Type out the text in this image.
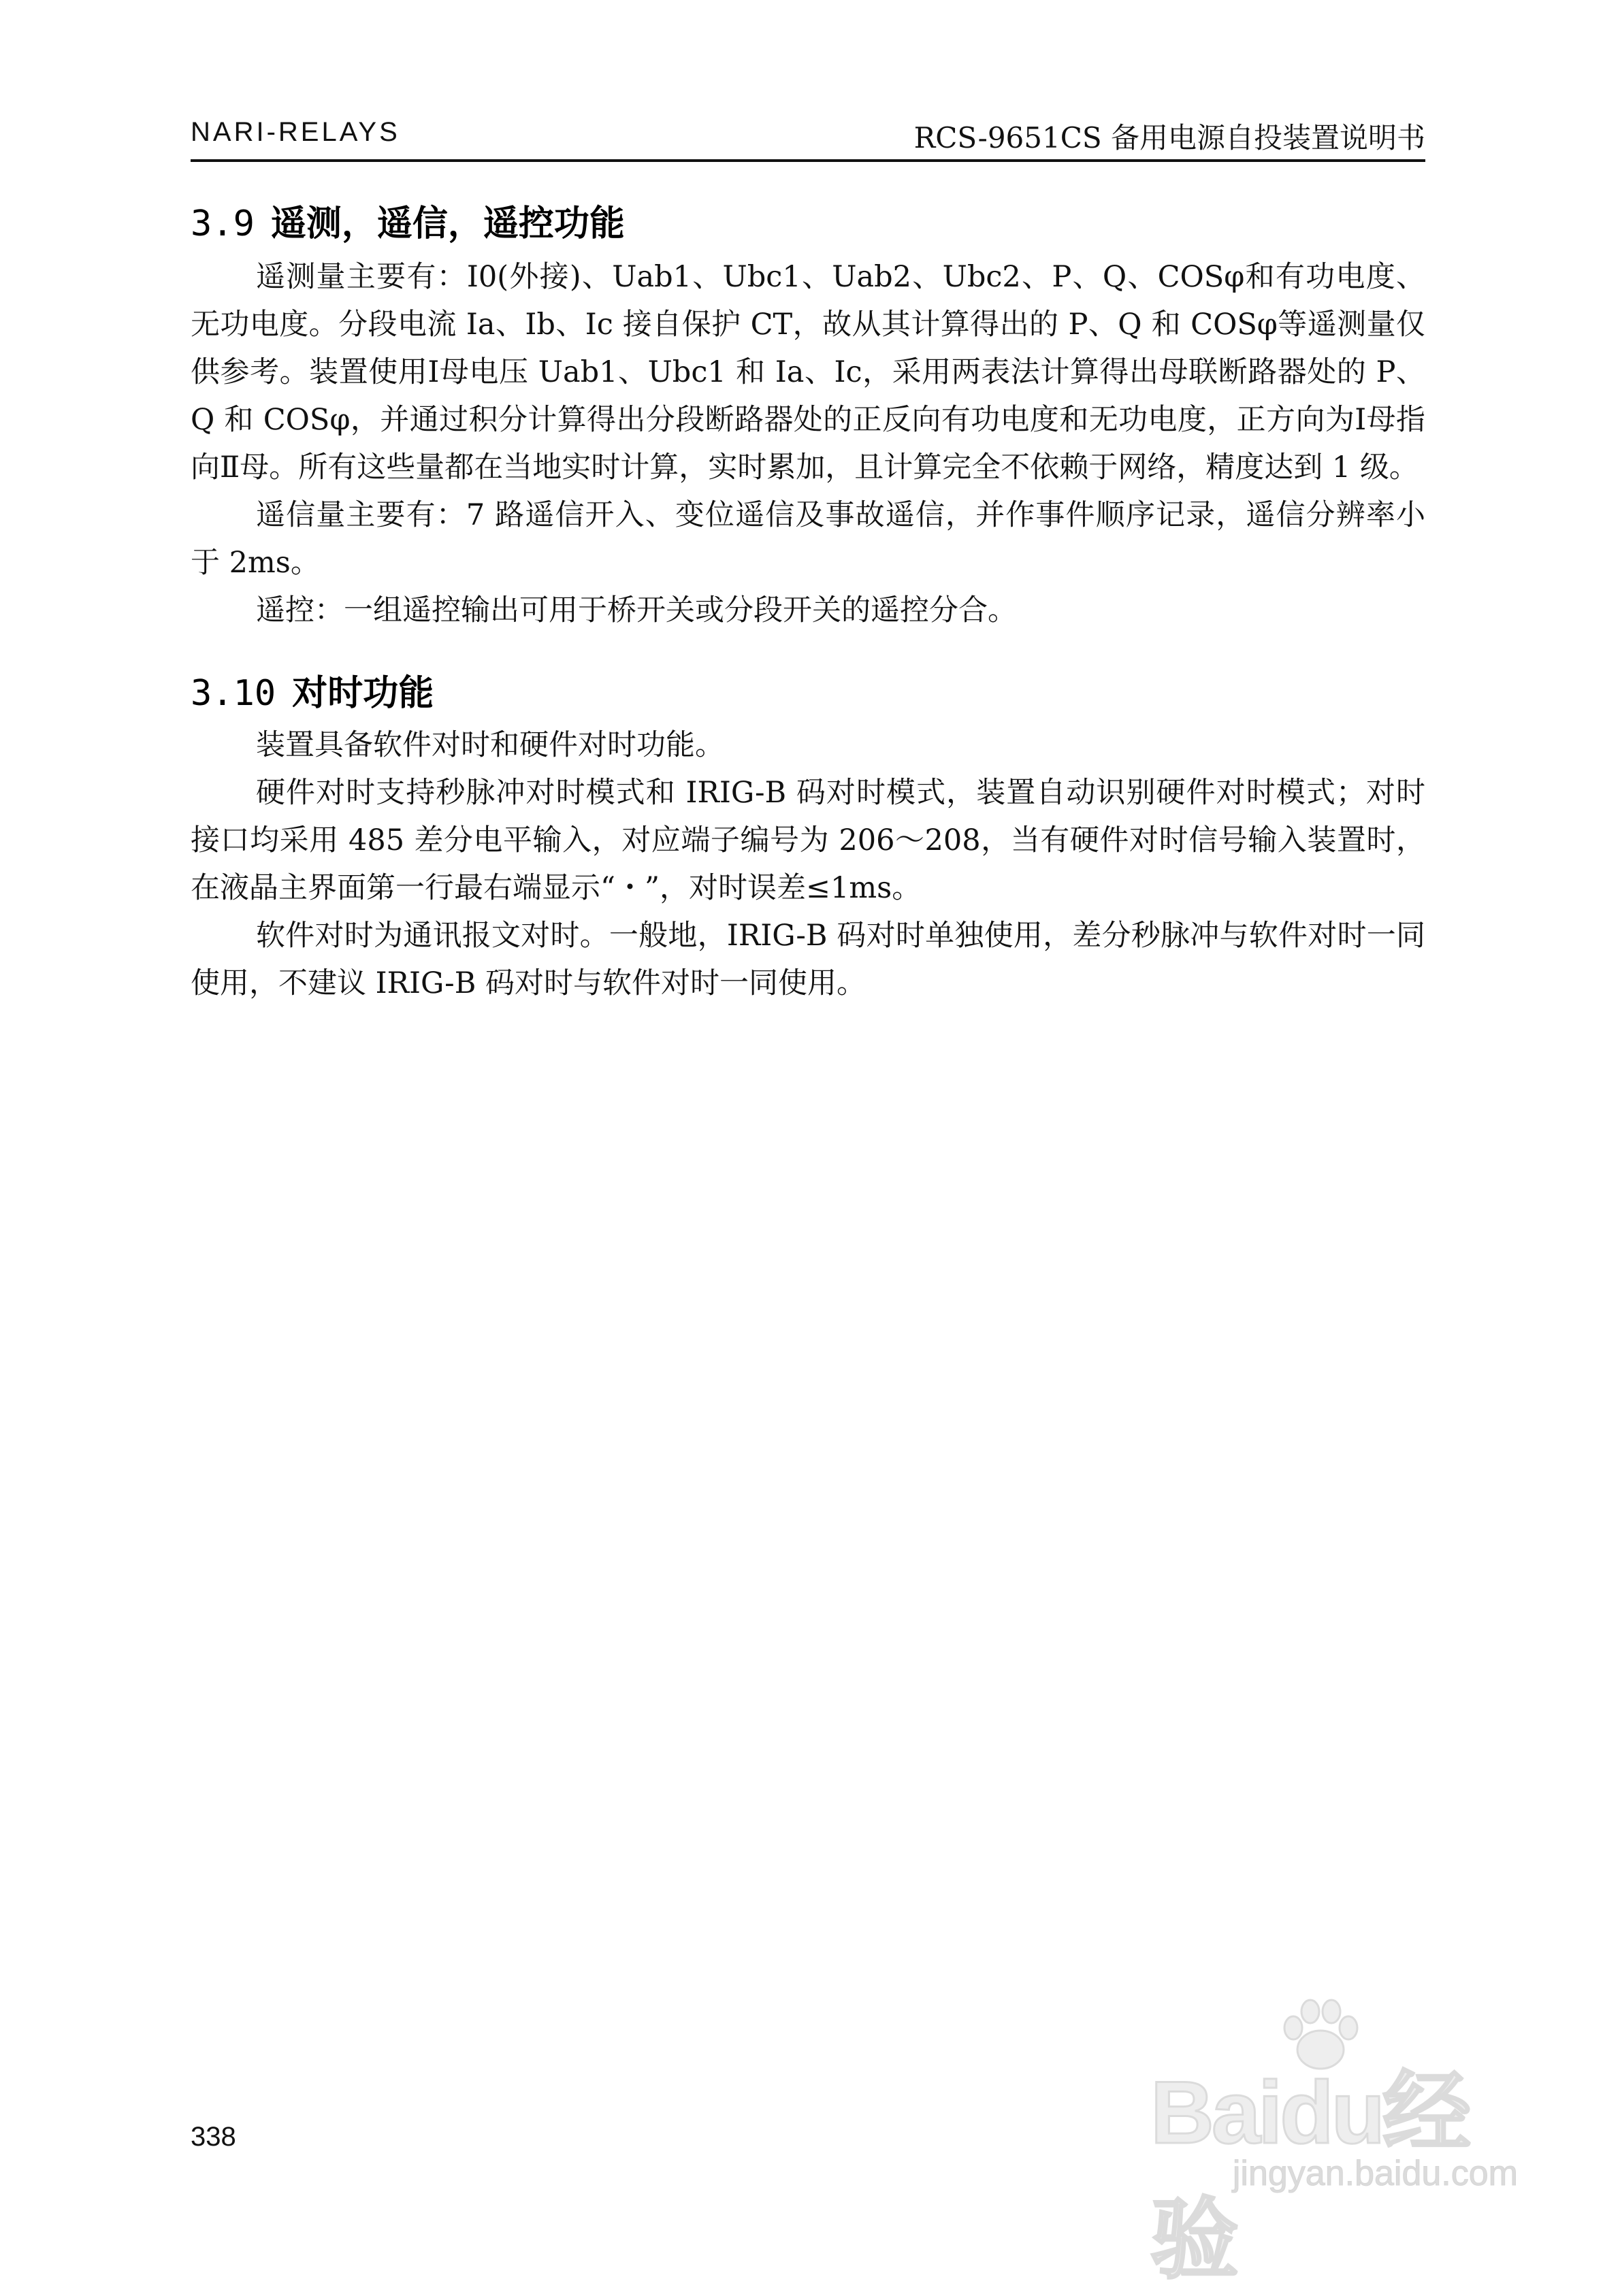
NARI-RELAYS	RCS-9651CS 备用电源自投装置说明书
3.9 遥测，遥信，遥控功能

遥测量主要有：I0(外接)、Uab1、Ubc1、Uab2、Ubc2、P、Q、COSφ和有功电度、无功电度。分段电流 Ia、Ib、Ic 接自保护 CT，故从其计算得出的 P、Q 和 COSφ等遥测量仅供参考。装置使用Ⅰ母电压 Uab1、Ubc1 和 Ia、Ic，采用两表法计算得出母联断路器处的 P、Q 和 COSφ，并通过积分计算得出分段断路器处的正反向有功电度和无功电度，正方向为Ⅰ母指向Ⅱ母。所有这些量都在当地实时计算，实时累加，且计算完全不依赖于网络，精度达到 1 级。

遥信量主要有：7 路遥信开入、变位遥信及事故遥信，并作事件顺序记录，遥信分辨率小于 2ms。

遥控：一组遥控输出可用于桥开关或分段开关的遥控分合。

3.10 对时功能

装置具备软件对时和硬件对时功能。

硬件对时支持秒脉冲对时模式和 IRIG-B 码对时模式，装置自动识别硬件对时模式；对时接口均采用 485 差分电平输入，对应端子编号为 206～208，当有硬件对时信号输入装置时，在液晶主界面第一行最右端显示“・”，对时误差≤1ms。

软件对时为通讯报文对时。一般地，IRIG-B 码对时单独使用，差分秒脉冲与软件对时一同使用，不建议 IRIG-B 码对时与软件对时一同使用。

338	Baidu经验
jingyan.baidu.com
